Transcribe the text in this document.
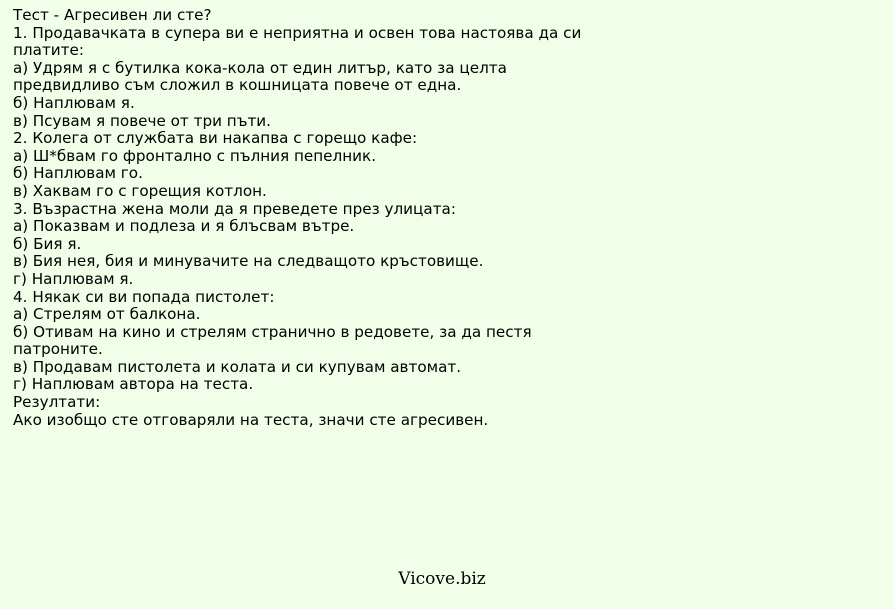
Тест - Агресивен ли сте?
1. Продавачката в супера ви е неприятна и освен това настоява да си платите:
а) Удрям я с бутилка кока-кола от един литър, като за целта предвидливо съм сложил в кошницата повече от една.
б) Наплювам я.
в) Псувам я повече от три пъти.
2. Колега от службата ви накапва с горещо кафе:
а) Ш*бвам го фронтално с пълния пепелник.
б) Наплювам го.
в) Хаквам го с горещия котлон.
3. Възрастна жена моли да я преведете през улицата:
а) Показвам и подлеза и я блъсвам вътре.
б) Бия я.
в) Бия нея, бия и минувачите на следващото кръстовище.
г) Наплювам я.
4. Някак си ви попада пистолет:
а) Стрелям от балкона.
б) Отивам на кино и стрелям странично в редовете, за да пестя патроните.
в) Продавам пистолета и колата и си купувам автомат.
г) Наплювам автора на теста.
Резултати:
Ако изобщо сте отговаряли на теста, значи сте агресивен.
Vicove.biz
